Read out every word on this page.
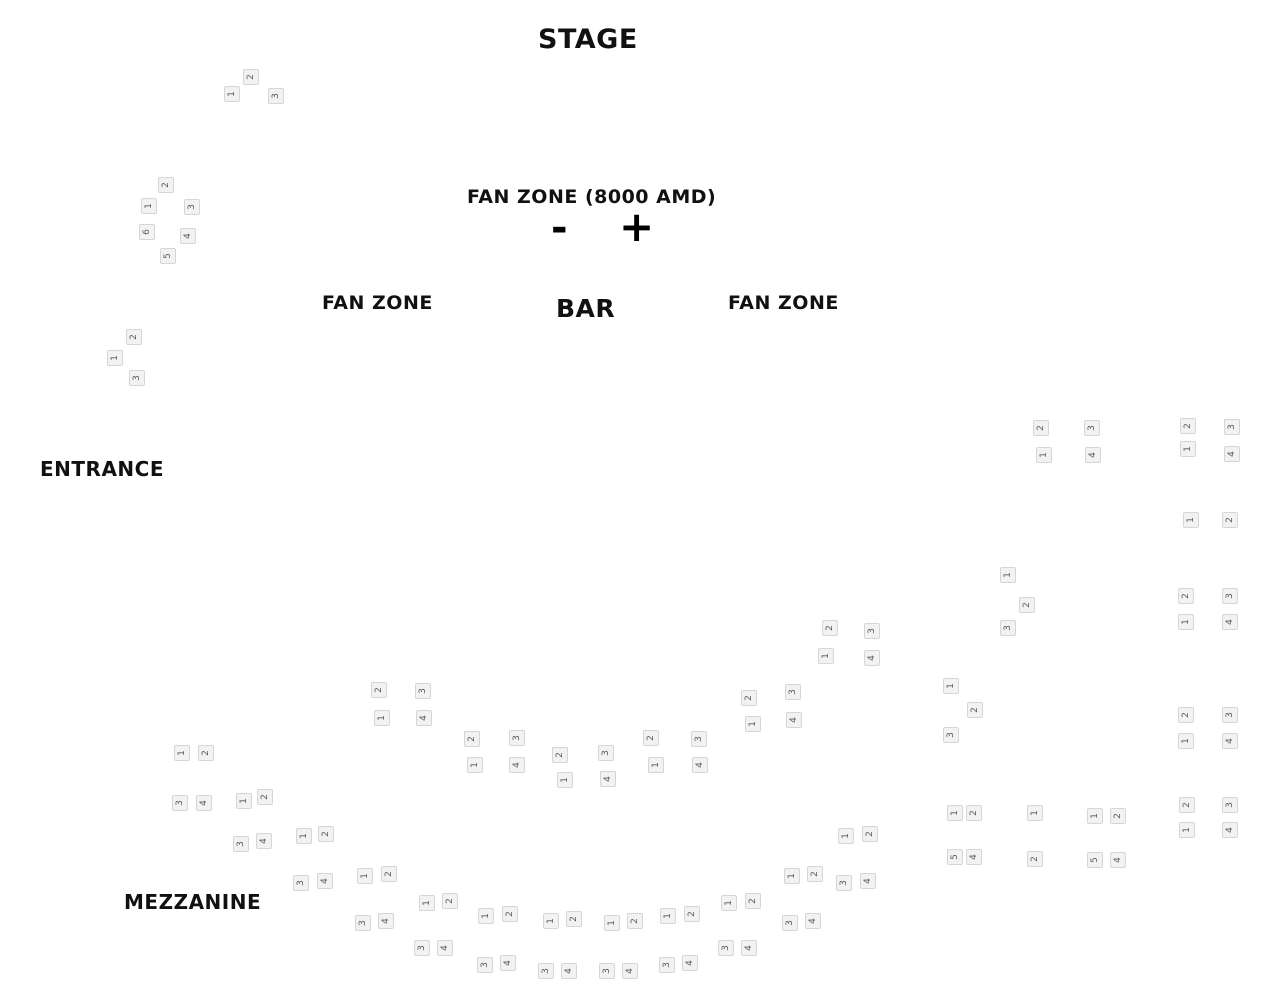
STAGE
FAN ZONE (8000 AMD)
- +
FAN ZONE	BAR	FAN ZONE
ENTRANCE
MEZZANINE
1
2
3
1
2
3
4
5
6
1
2
3
1
2	3
4
1
2	3
4
1	2
1
2
3
2
1
3
4
1
2
3
2
1
3
4
1	2
5	4
1
2
1	2
5	4
2
1
3
4
2
1
3
4
2
1
3
4
2
1
3
4
2
1
3
4
2
1
3
4
2
1
3
4
1	2
3	4	1
2
3
4
1	2
3	4
1	2
3	4
1	2
3	4
1	2
3	4
1	2
3	4
1	2
3	4
1	2
3	4
1	2
3	4
1	2
3	4
1	2
3	4
